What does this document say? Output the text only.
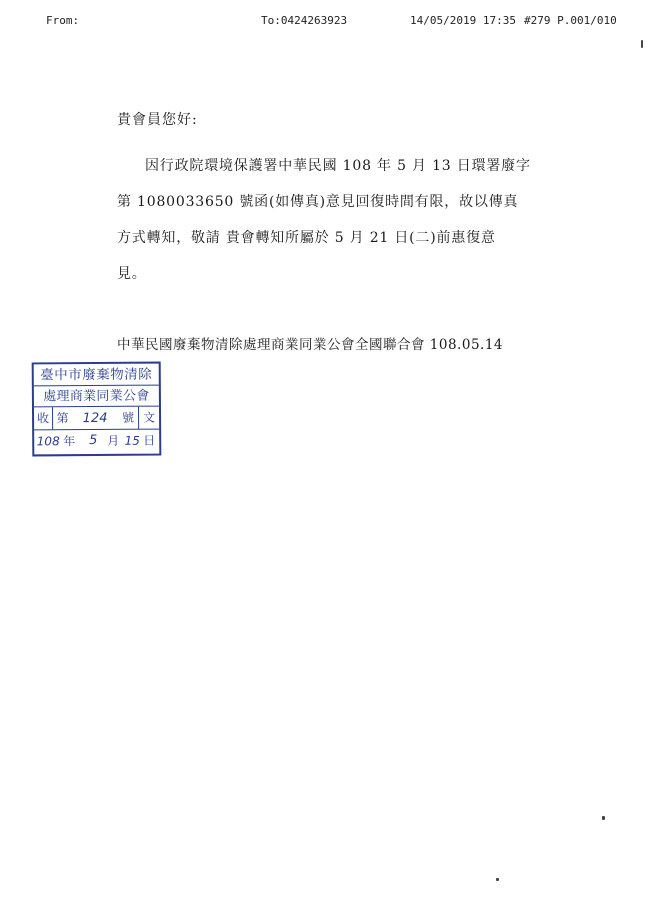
From:	To:0424263923	14/05/2019 17:35 #279 P.001/010
貴會員您好:
因行政院環境保護署中華民國 108 年 5 月 13 日環署廢字
第 1080033650 號函(如傳真)意見回復時間有限，故以傳真
方式轉知，敬請 貴會轉知所屬於 5 月 21 日(二)前惠復意
見。
中華民國廢棄物清除處理商業同業公會全國聯合會 108.05.14
臺中市廢棄物清除
處理商業同業公會
收 第	124	號 文
108 年	5 月 15 日
